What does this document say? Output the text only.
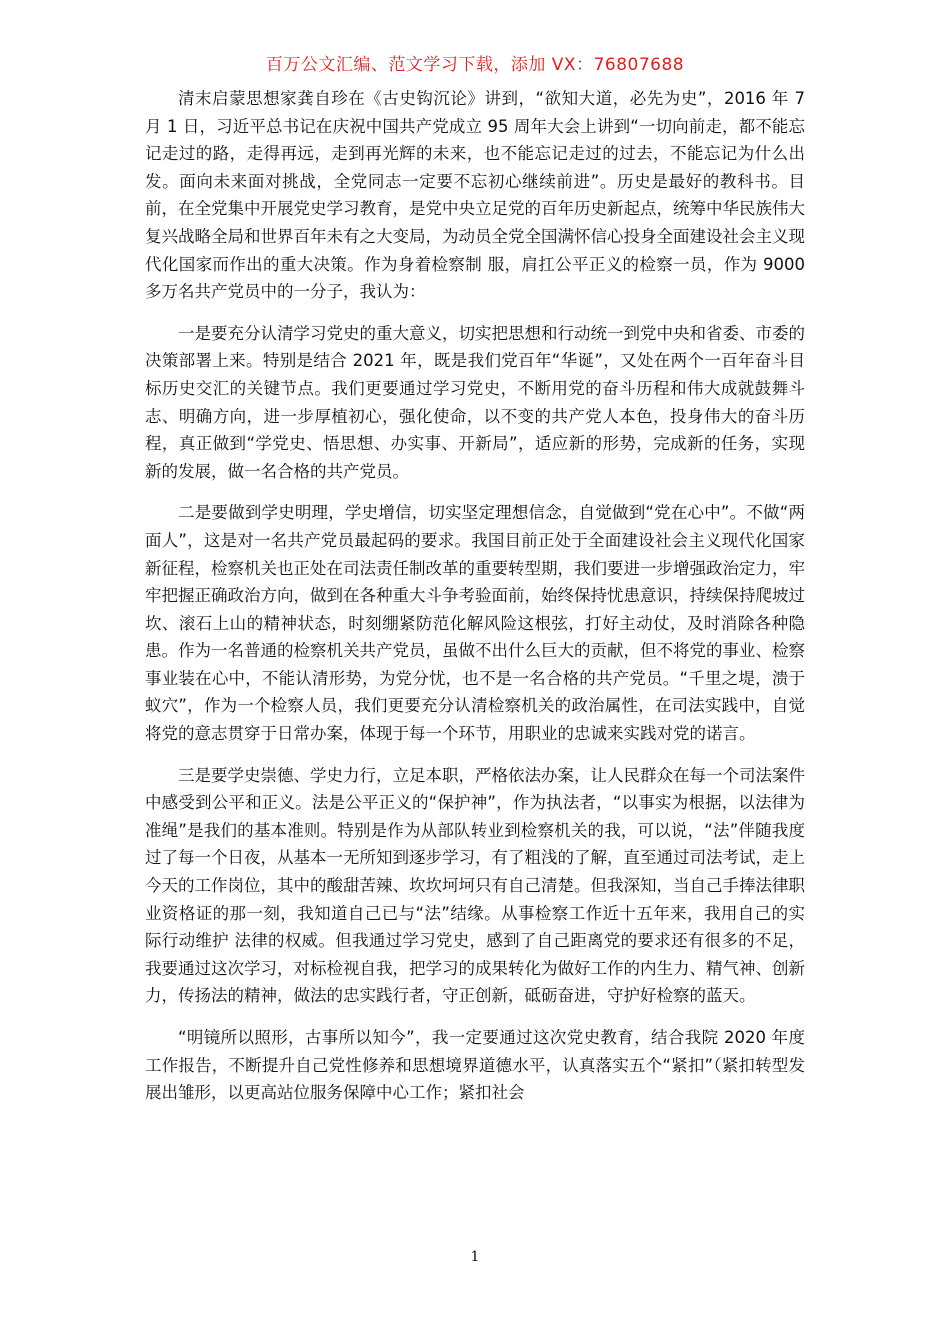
百万公文汇编、范文学习下载，添加 VX：76807688

清末启蒙思想家龚自珍在《古史钩沉论》讲到，“欲知大道，必先为史”，2016 年 7 月 1 日，习近平总书记在庆祝中国共产党成立 95 周年大会上讲到“一切向前走，都不能忘记走过的路，走得再远，走到再光辉的未来，也不能忘记走过的过去，不能忘记为什么出发。面向未来面对挑战，全党同志一定要不忘初心继续前进”。历史是最好的教科书。目前，在全党集中开展党史学习教育，是党中央立足党的百年历史新起点，统筹中华民族伟大复兴战略全局和世界百年未有之大变局，为动员全党全国满怀信心投身全面建设社会主义现代化国家而作出的重大决策。作为身着检察制 服，肩扛公平正义的检察一员，作为 9000 多万名共产党员中的一分子，我认为：

一是要充分认清学习党史的重大意义，切实把思想和行动统一到党中央和省委、市委的决策部署上来。特别是结合 2021 年，既是我们党百年“华诞”，又处在两个一百年奋斗目标历史交汇的关键节点。我们更要通过学习党史，不断用党的奋斗历程和伟大成就鼓舞斗志、明确方向，进一步厚植初心，强化使命，以不变的共产党人本色，投身伟大的奋斗历程，真正做到“学党史、悟思想、办实事、开新局”，适应新的形势，完成新的任务，实现新的发展，做一名合格的共产党员。

二是要做到学史明理，学史增信，切实坚定理想信念，自觉做到“党在心中”。不做“两面人”，这是对一名共产党员最起码的要求。我国目前正处于全面建设社会主义现代化国家新征程，检察机关也正处在司法责任制改革的重要转型期，我们要进一步增强政治定力，牢牢把握正确政治方向，做到在各种重大斗争考验面前，始终保持忧患意识，持续保持爬坡过坎、滚石上山的精神状态，时刻绷紧防范化解风险这根弦，打好主动仗，及时消除各种隐患。作为一名普通的检察机关共产党员，虽做不出什么巨大的贡献，但不将党的事业、检察事业装在心中，不能认清形势，为党分忧，也不是一名合格的共产党员。“千里之堤，溃于蚁穴”，作为一个检察人员，我们更要充分认清检察机关的政治属性，在司法实践中，自觉将党的意志贯穿于日常办案，体现于每一个环节，用职业的忠诚来实践对党的诺言。

三是要学史崇德、学史力行，立足本职，严格依法办案，让人民群众在每一个司法案件中感受到公平和正义。法是公平正义的“保护神”，作为执法者，“以事实为根据，以法律为准绳”是我们的基本准则。特别是作为从部队转业到检察机关的我，可以说，“法”伴随我度过了每一个日夜，从基本一无所知到逐步学习，有了粗浅的了解，直至通过司法考试，走上今天的工作岗位，其中的酸甜苦辣、坎坎坷坷只有自己清楚。但我深知，当自己手捧法律职业资格证的那一刻，我知道自己已与“法”结缘。从事检察工作近十五年来，我用自己的实际行动维护 法律的权威。但我通过学习党史，感到了自己距离党的要求还有很多的不足，我要通过这次学习，对标检视自我，把学习的成果转化为做好工作的内生力、精气神、创新力，传扬法的精神，做法的忠实践行者，守正创新，砥砺奋进，守护好检察的蓝天。

“明镜所以照形，古事所以知今”，我一定要通过这次党史教育，结合我院 2020 年度工作报告，不断提升自己党性修养和思想境界道德水平，认真落实五个“紧扣”（紧扣转型发展出雏形，以更高站位服务保障中心工作；紧扣社会

1
